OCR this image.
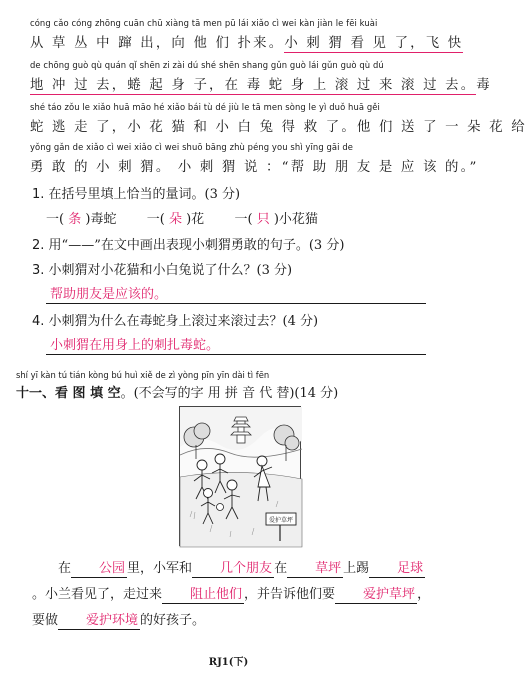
cóng cǎo cóng zhōng cuān chū xiàng tā men pū lái xiǎo cì wei kàn jiàn le fēi kuài
从 草 丛 中 蹿 出，向 他 们 扑来。小 刺 猬 看 见 了，飞 快
de chōng guò qù quán qǐ shēn zi zài dú shé shēn shang gǔn guò lái gǔn guò qù dú
地 冲 过 去，蜷 起 身 子，在 毒 蛇 身 上 滚 过 来 滚 过 去。毒
shé táo zǒu le xiǎo huā māo hé xiǎo bái tù dé jiù le tā men sòng le yì duǒ huā gěi
蛇 逃 走 了，小 花 猫 和 小 白 兔 得 救 了。他 们 送 了 一 朵 花 给
yǒng gǎn de xiǎo cì wei xiǎo cì wei shuō bāng zhù péng you shì yīng gāi de
勇 敢 的 小 刺 猬。 小 刺 猬 说 ：“帮 助 朋 友 是 应 该 的。”
1. 在括号里填上恰当的量词。(3 分)
一( 条 )毒蛇 一( 朵 )花 一( 只 )小花猫
2. 用“——”在文中画出表现小刺猬勇敢的句子。(3 分)
3. 小刺猬对小花猫和小白兔说了什么？(3 分)
帮助朋友是应该的。
4. 小刺猬为什么在毒蛇身上滚过来滚过去？(4 分)
小刺猬在用身上的刺扎毒蛇。
shí yī kàn tú tián kòng bú huì xiě de zì yòng pīn yīn dài tì fēn
十一、看 图 填 空。(不会写的字 用 拼 音 代 替)(14 分)
爱护草坪
在 公园 里，小军和 几个朋友 在 草坪 上踢 足球。小兰看见了，走过来 阻止他们 ，并告诉他们要 爱护草坪 ，要做 爱护环境 的好孩子。
RJ1(下)
